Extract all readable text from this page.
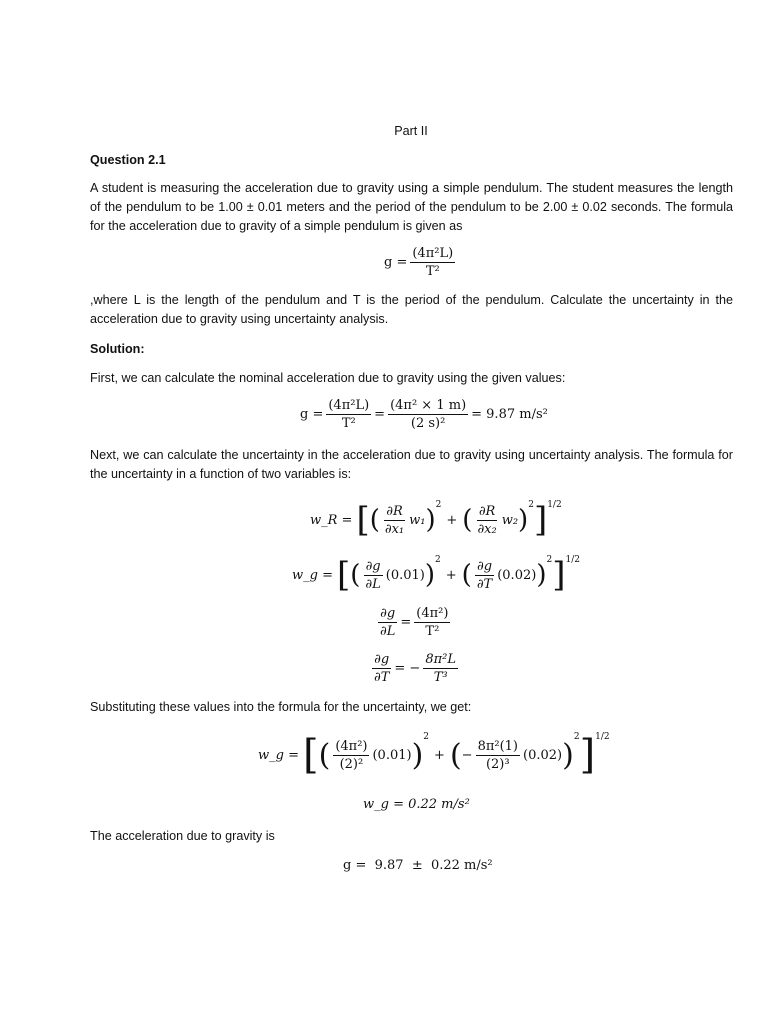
Part II
Question 2.1
A student is measuring the acceleration due to gravity using a simple pendulum. The student measures the length of the pendulum to be 1.00 ± 0.01 meters and the period of the pendulum to be 2.00 ± 0.02 seconds. The formula for the acceleration due to gravity of a simple pendulum is given as
$g = \frac{\text{(4π²L)}}{\text{T²}}$
,where L is the length of the pendulum and T is the period of the pendulum. Calculate the uncertainty in the acceleration due to gravity using uncertainty analysis.
Solution:
First, we can calculate the nominal acceleration due to gravity using the given values:
$g = \frac{\text{(4π²L)}}{\text{T²}} = \frac{\text{(4π² × 1 m)}}{\text{(2 s)²}} = 9.87$ m/s²
Next, we can calculate the uncertainty in the acceleration due to gravity using uncertainty analysis. The formula for the uncertainty in a function of two variables is:
w_R = [ ( $\frac{\partial R}{\text{∂x₁}} w_1$ ) 2
+ ( $\frac{\partial R}{\text{∂x₂}} w_2$ ) 2 ] 1/2
w_g = [ ( $\frac{\partial g}{\partial L} (0.01)$ ) 2
+ ( $\frac{\partial g}{\partial T} (0.02)$ ) 2 ] 1/2
$\frac{\partial g}{\partial L} = \frac{\text{(4π²)}}{\text{T²}}$
$\frac{\partial g}{\partial T}$ = − $\frac{\text{8π²L}}{\text{T³}}$
Substituting these values into the formula for the uncertainty, we get:
w_g = [ ( $\frac{\text{(4π²)}}{\text{(2)²}} (0.01)$ )
2
+ ( − $\frac{\text{8π²(1)}}{\text{(2)³}} (0.02)$ )
2 ] 1/2
w_g = 0.22 m/s²
The acceleration due to gravity is
g =  9.87  ±  0.22 m/s²
